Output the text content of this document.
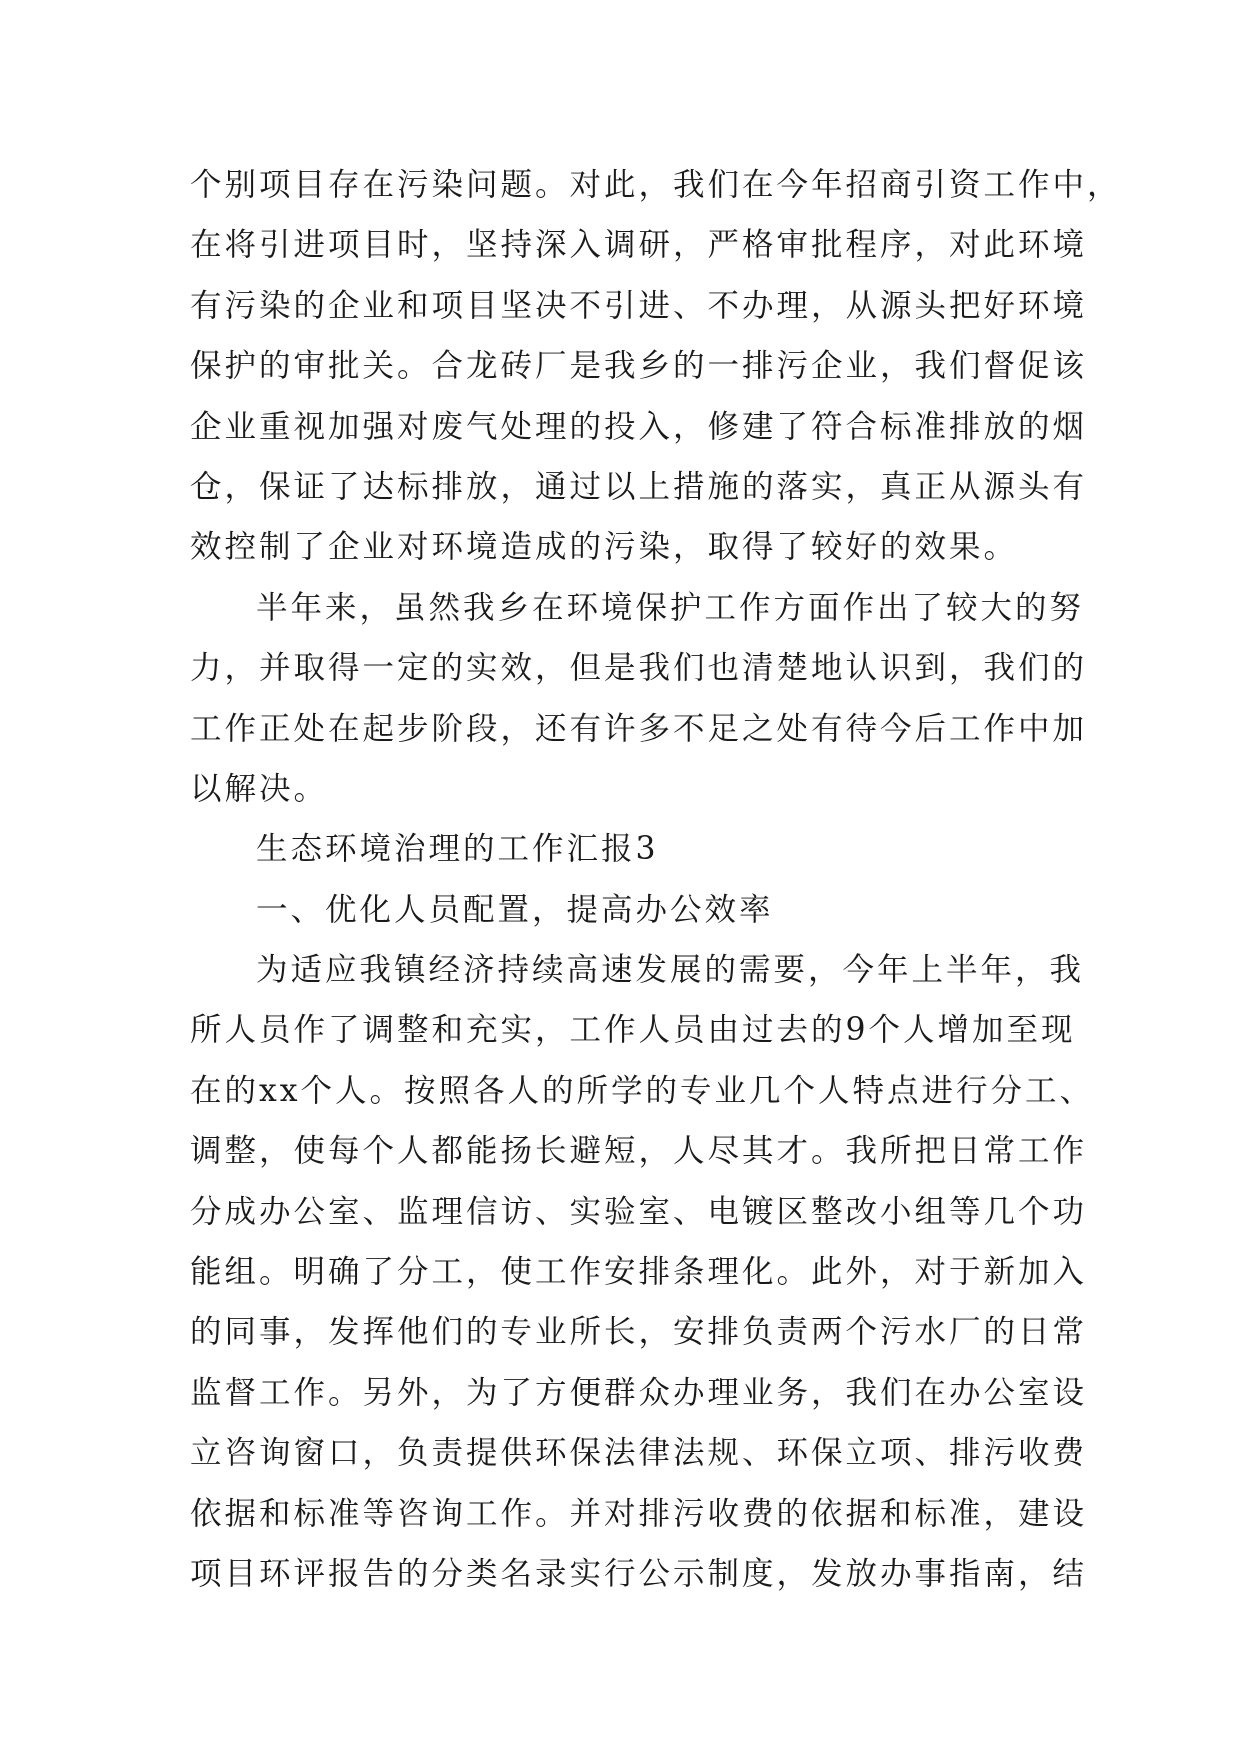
个别项目存在污染问题。对此，我们在今年招商引资工作中，
在将引进项目时，坚持深入调研，严格审批程序，对此环境
有污染的企业和项目坚决不引进、不办理，从源头把好环境
保护的审批关。合龙砖厂是我乡的一排污企业，我们督促该
企业重视加强对废气处理的投入，修建了符合标准排放的烟
仓，保证了达标排放，通过以上措施的落实，真正从源头有
效控制了企业对环境造成的污染，取得了较好的效果。
半年来，虽然我乡在环境保护工作方面作出了较大的努
力，并取得一定的实效，但是我们也清楚地认识到，我们的
工作正处在起步阶段，还有许多不足之处有待今后工作中加
以解决。
生态环境治理的工作汇报3
一、优化人员配置，提高办公效率
为适应我镇经济持续高速发展的需要，今年上半年，我
所人员作了调整和充实，工作人员由过去的9个人增加至现
在的xx个人。按照各人的所学的专业几个人特点进行分工、
调整，使每个人都能扬长避短，人尽其才。我所把日常工作
分成办公室、监理信访、实验室、电镀区整改小组等几个功
能组。明确了分工，使工作安排条理化。此外，对于新加入
的同事，发挥他们的专业所长，安排负责两个污水厂的日常
监督工作。另外，为了方便群众办理业务，我们在办公室设
立咨询窗口，负责提供环保法律法规、环保立项、排污收费
依据和标准等咨询工作。并对排污收费的依据和标准，建设
项目环评报告的分类名录实行公示制度，发放办事指南，结
